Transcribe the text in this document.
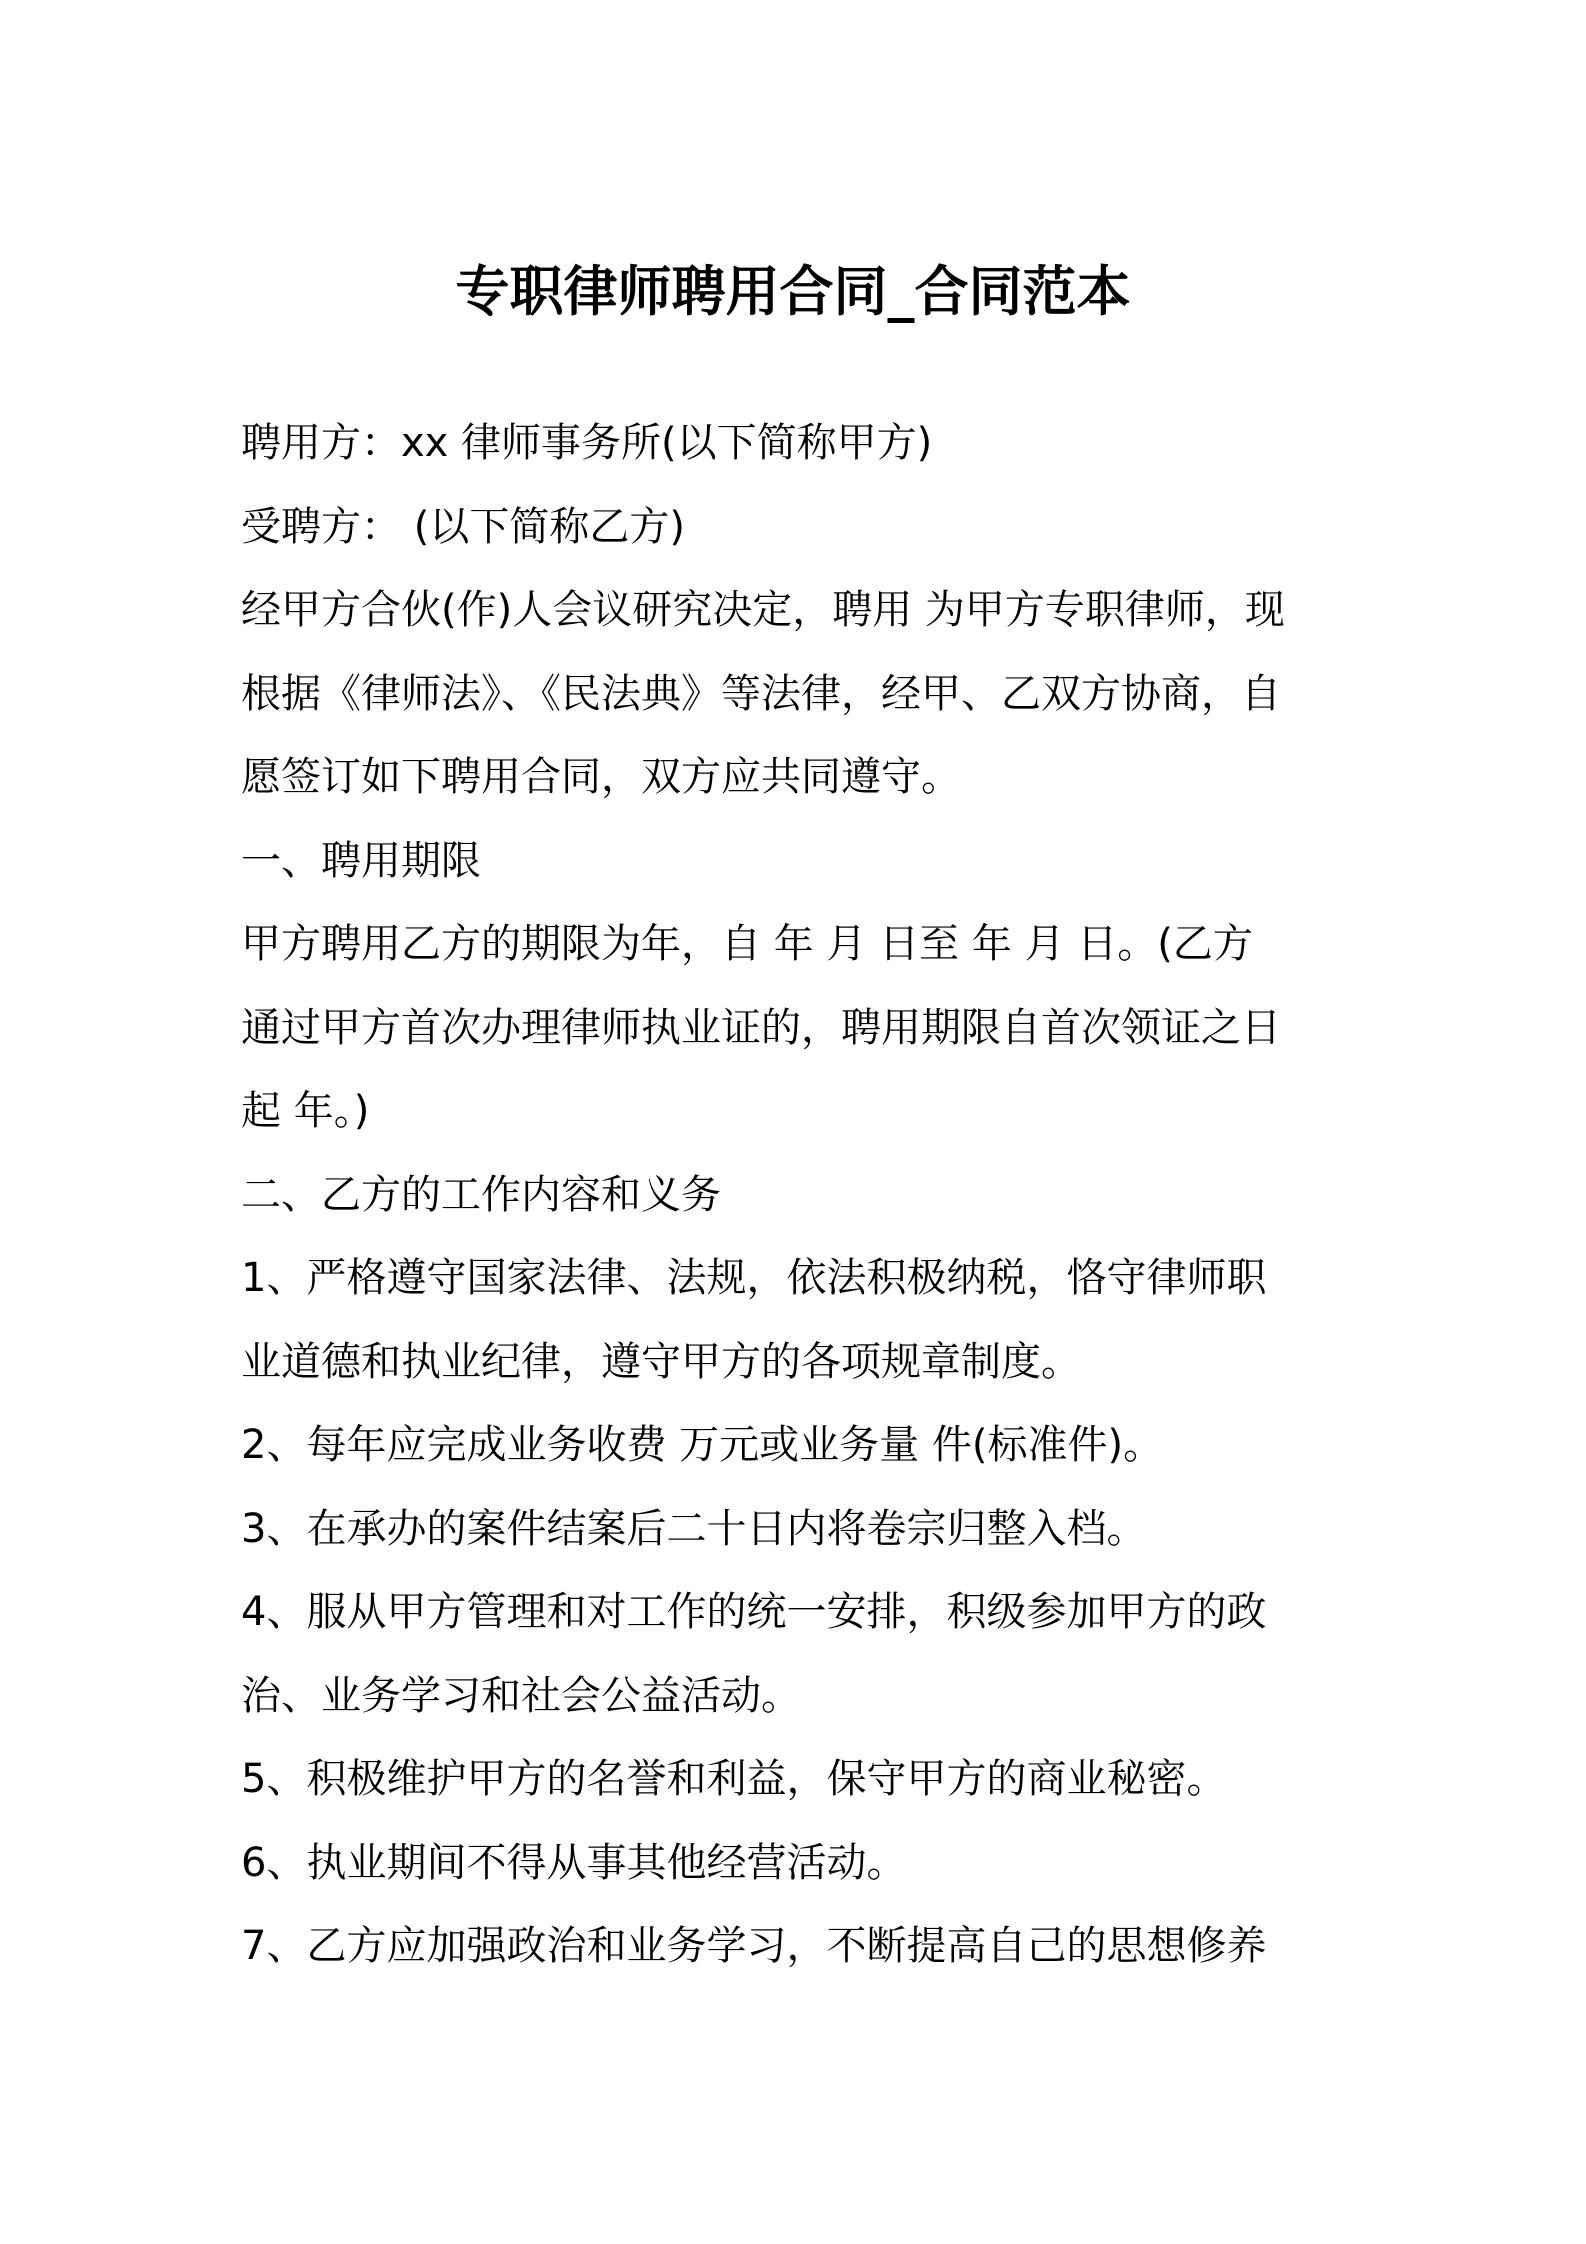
专职律师聘用合同_合同范本

聘用方：xx 律师事务所(以下简称甲方)

受聘方： (以下简称乙方)

经甲方合伙(作)人会议研究决定，聘用 为甲方专职律师，现

根据《律师法》、《民法典》等法律，经甲、乙双方协商，自

愿签订如下聘用合同，双方应共同遵守。

一、聘用期限

甲方聘用乙方的期限为年，自 年 月 日至 年 月 日。(乙方

通过甲方首次办理律师执业证的，聘用期限自首次领证之日

起 年。)

二、乙方的工作内容和义务

1、严格遵守国家法律、法规，依法积极纳税，恪守律师职

业道德和执业纪律，遵守甲方的各项规章制度。

2、每年应完成业务收费 万元或业务量 件(标准件)。

3、在承办的案件结案后二十日内将卷宗归整入档。

4、服从甲方管理和对工作的统一安排，积级参加甲方的政

治、业务学习和社会公益活动。

5、积极维护甲方的名誉和利益，保守甲方的商业秘密。

6、执业期间不得从事其他经营活动。

7、乙方应加强政治和业务学习，不断提高自己的思想修养
